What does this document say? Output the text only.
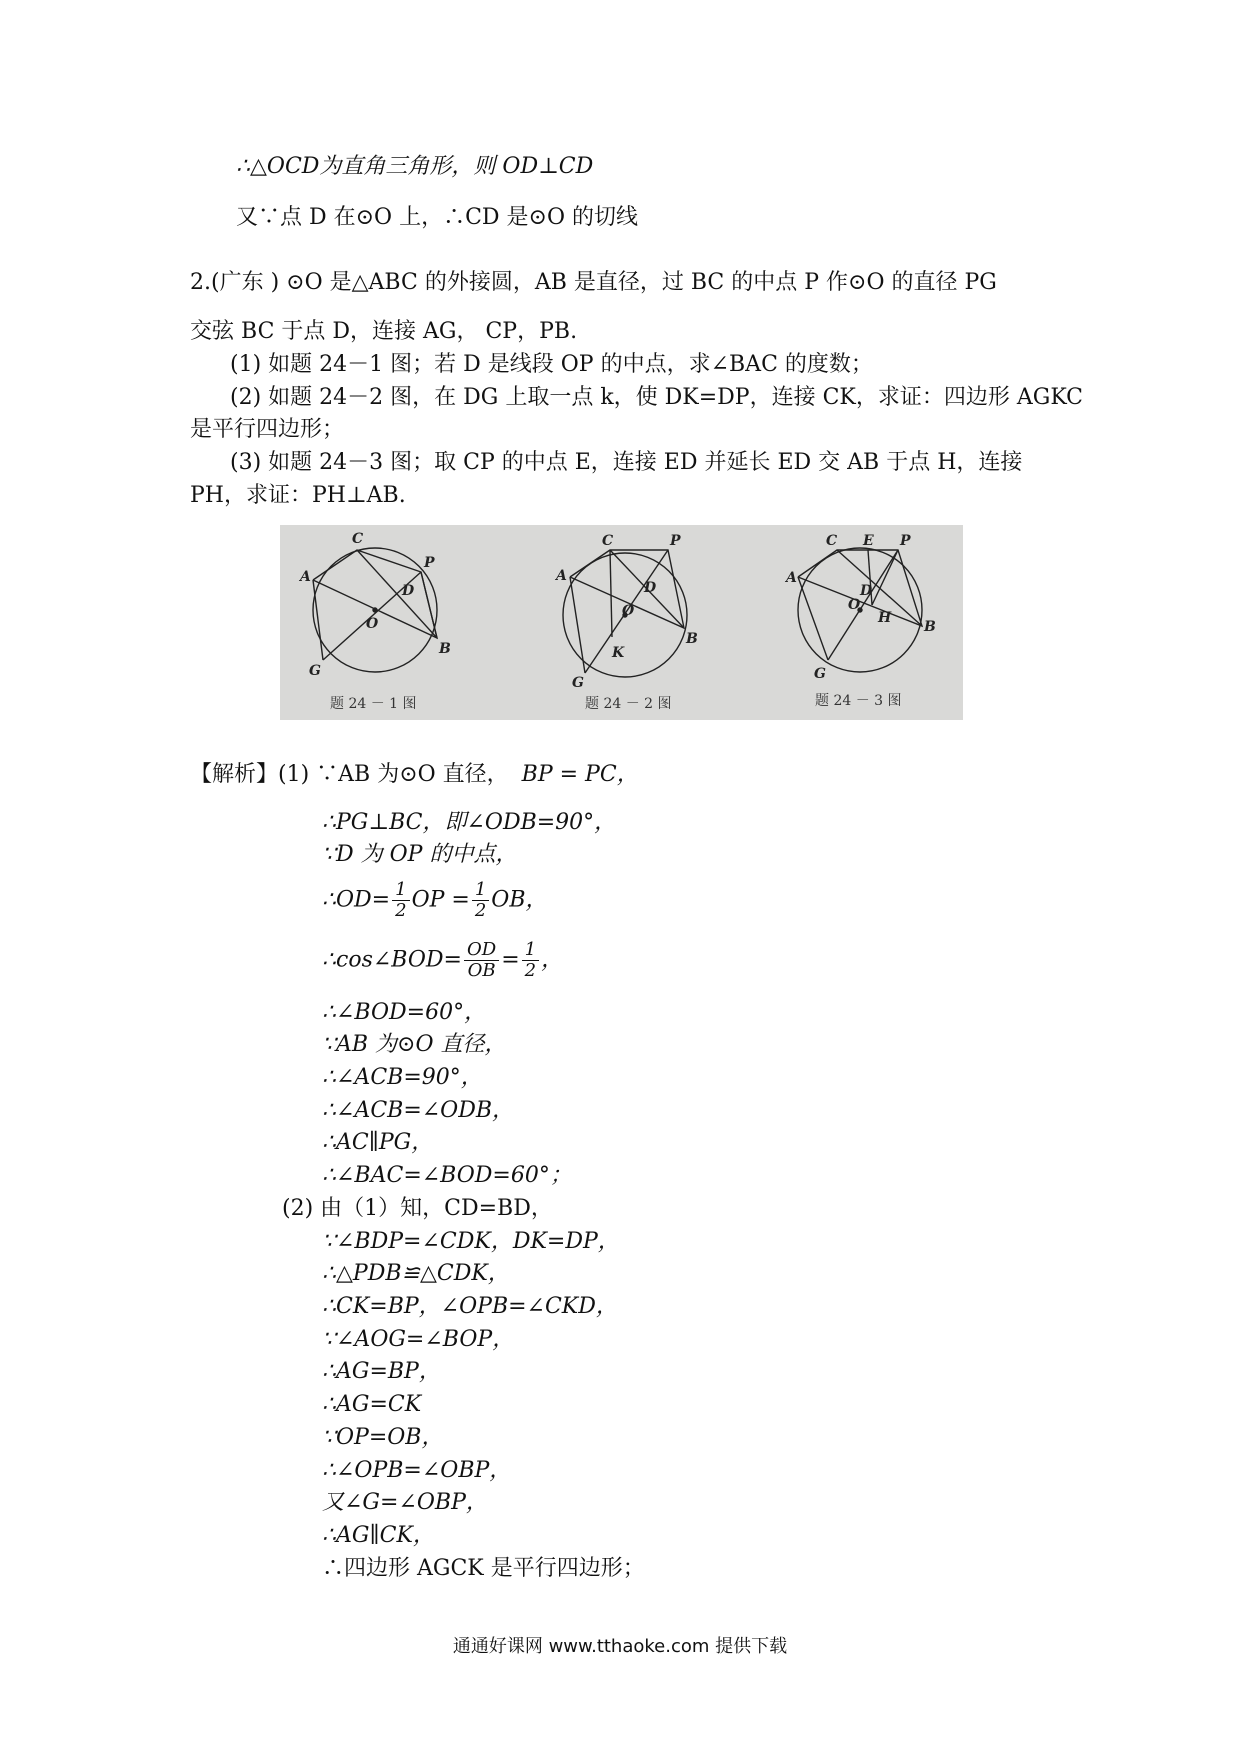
∴△OCD为直角三角形，则 OD⊥CD
又∵点 D 在⊙O 上，∴CD 是⊙O 的切线
2.(广东 ) ⊙O 是△ABC 的外接圆，AB 是直径，过 BC 的中点 P 作⊙O 的直径 PG
交弦 BC 于点 D，连接 AG， CP，PB.
(1) 如题 24－1 图；若 D 是线段 OP 的中点，求∠BAC 的度数；
(2) 如题 24－2 图，在 DG 上取一点 k，使 DK=DP，连接 CK，求证：四边形 AGKC
是平行四边形；
(3) 如题 24－3 图；取 CP 的中点 E，连接 ED 并延长 ED 交 AB 于点 H，连接
PH，求证：PH⊥AB.
C
P
A
D
O
B
G
C	P
A
D
O
B
K
G
C E P
A
D
O
H
B
G
题 24 － 1 图	题 24 － 2 图	题 24 － 3 图
【解析】(1) ∵AB 为⊙O 直径， BP = PC，
∴PG⊥BC，即∠ODB=90°，
∵D 为 OP 的中点，
∴OD= $\frac{1}{2}$ OP = $\frac{1}{2}$ OB，
∴cos∠BOD= $\frac{OD}{OB} = \frac{1}{2}$ ，
∴∠BOD=60°，
∵AB 为⊙O 直径，
∴∠ACB=90°，
∴∠ACB=∠ODB，
∴AC∥PG，
∴∠BAC=∠BOD=60°；
(2) 由（1）知，CD=BD，
∵∠BDP=∠CDK，DK=DP，
∴△PDB≌△CDK，
∴CK=BP，∠OPB=∠CKD，
∵∠AOG=∠BOP，
∴AG=BP，
∴AG=CK
∵OP=OB，
∴∠OPB=∠OBP，
又∠G=∠OBP，
∴AG∥CK，
∴四边形 AGCK 是平行四边形；
通通好课网 www.tthaoke.com 提供下载
